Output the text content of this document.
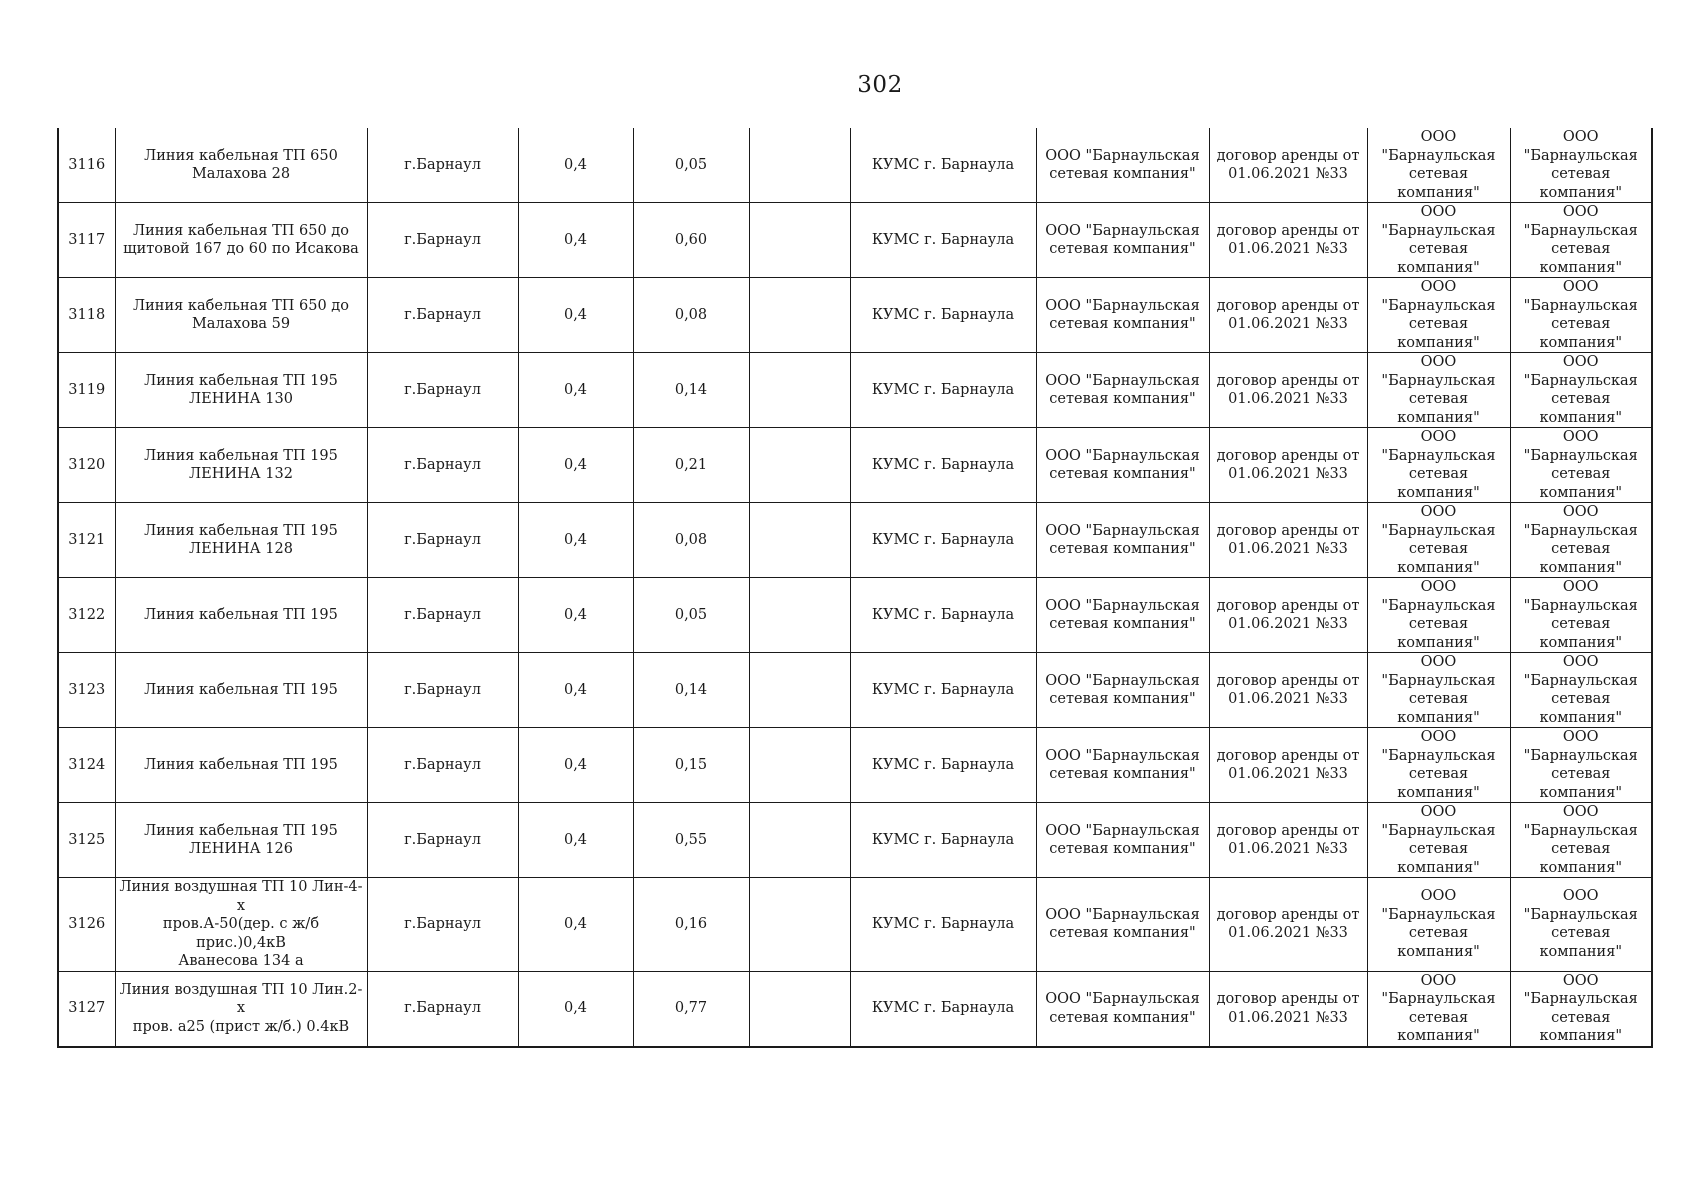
302
3116	Линия кабельная ТП 650
Малахова 28	г.Барнаул	0,4	0,05		КУМС г. Барнаула	ООО "Барнаульская
сетевая компания"	договор аренды от
01.06.2021 №33	ООО
"Барнаульская
сетевая
компания"	ООО
"Барнаульская
сетевая
компания"
3117	Линия кабельная ТП 650 до
щитовой 167 до 60 по Исакова	г.Барнаул	0,4	0,60		КУМС г. Барнаула	ООО "Барнаульская
сетевая компания"	договор аренды от
01.06.2021 №33	ООО
"Барнаульская
сетевая
компания"	ООО
"Барнаульская
сетевая
компания"
3118	Линия кабельная ТП 650 до
Малахова 59	г.Барнаул	0,4	0,08		КУМС г. Барнаула	ООО "Барнаульская
сетевая компания"	договор аренды от
01.06.2021 №33	ООО
"Барнаульская
сетевая
компания"	ООО
"Барнаульская
сетевая
компания"
3119	Линия кабельная ТП 195
ЛЕНИНА 130	г.Барнаул	0,4	0,14		КУМС г. Барнаула	ООО "Барнаульская
сетевая компания"	договор аренды от
01.06.2021 №33	ООО
"Барнаульская
сетевая
компания"	ООО
"Барнаульская
сетевая
компания"
3120	Линия кабельная ТП 195
ЛЕНИНА 132	г.Барнаул	0,4	0,21		КУМС г. Барнаула	ООО "Барнаульская
сетевая компания"	договор аренды от
01.06.2021 №33	ООО
"Барнаульская
сетевая
компания"	ООО
"Барнаульская
сетевая
компания"
3121	Линия кабельная ТП 195
ЛЕНИНА 128	г.Барнаул	0,4	0,08		КУМС г. Барнаула	ООО "Барнаульская
сетевая компания"	договор аренды от
01.06.2021 №33	ООО
"Барнаульская
сетевая
компания"	ООО
"Барнаульская
сетевая
компания"
3122	Линия кабельная ТП 195	г.Барнаул	0,4	0,05		КУМС г. Барнаула	ООО "Барнаульская
сетевая компания"	договор аренды от
01.06.2021 №33	ООО
"Барнаульская
сетевая
компания"	ООО
"Барнаульская
сетевая
компания"
3123	Линия кабельная ТП 195	г.Барнаул	0,4	0,14		КУМС г. Барнаула	ООО "Барнаульская
сетевая компания"	договор аренды от
01.06.2021 №33	ООО
"Барнаульская
сетевая
компания"	ООО
"Барнаульская
сетевая
компания"
3124	Линия кабельная ТП 195	г.Барнаул	0,4	0,15		КУМС г. Барнаула	ООО "Барнаульская
сетевая компания"	договор аренды от
01.06.2021 №33	ООО
"Барнаульская
сетевая
компания"	ООО
"Барнаульская
сетевая
компания"
3125	Линия кабельная ТП 195
ЛЕНИНА 126	г.Барнаул	0,4	0,55		КУМС г. Барнаула	ООО "Барнаульская
сетевая компания"	договор аренды от
01.06.2021 №33	ООО
"Барнаульская
сетевая
компания"	ООО
"Барнаульская
сетевая
компания"
3126	Линия воздушная ТП 10 Лин-4-х
пров.А-50(дер. с ж/б прис.)0,4кВ
Аванесова 134 а	г.Барнаул	0,4	0,16		КУМС г. Барнаула	ООО "Барнаульская
сетевая компания"	договор аренды от
01.06.2021 №33	ООО
"Барнаульская
сетевая
компания"	ООО
"Барнаульская
сетевая
компания"
3127	Линия воздушная ТП 10 Лин.2-х
пров. а25 (прист ж/б.) 0.4кВ	г.Барнаул	0,4	0,77		КУМС г. Барнаула	ООО "Барнаульская
сетевая компания"	договор аренды от
01.06.2021 №33	ООО
"Барнаульская
сетевая
компания"	ООО
"Барнаульская
сетевая
компания"
